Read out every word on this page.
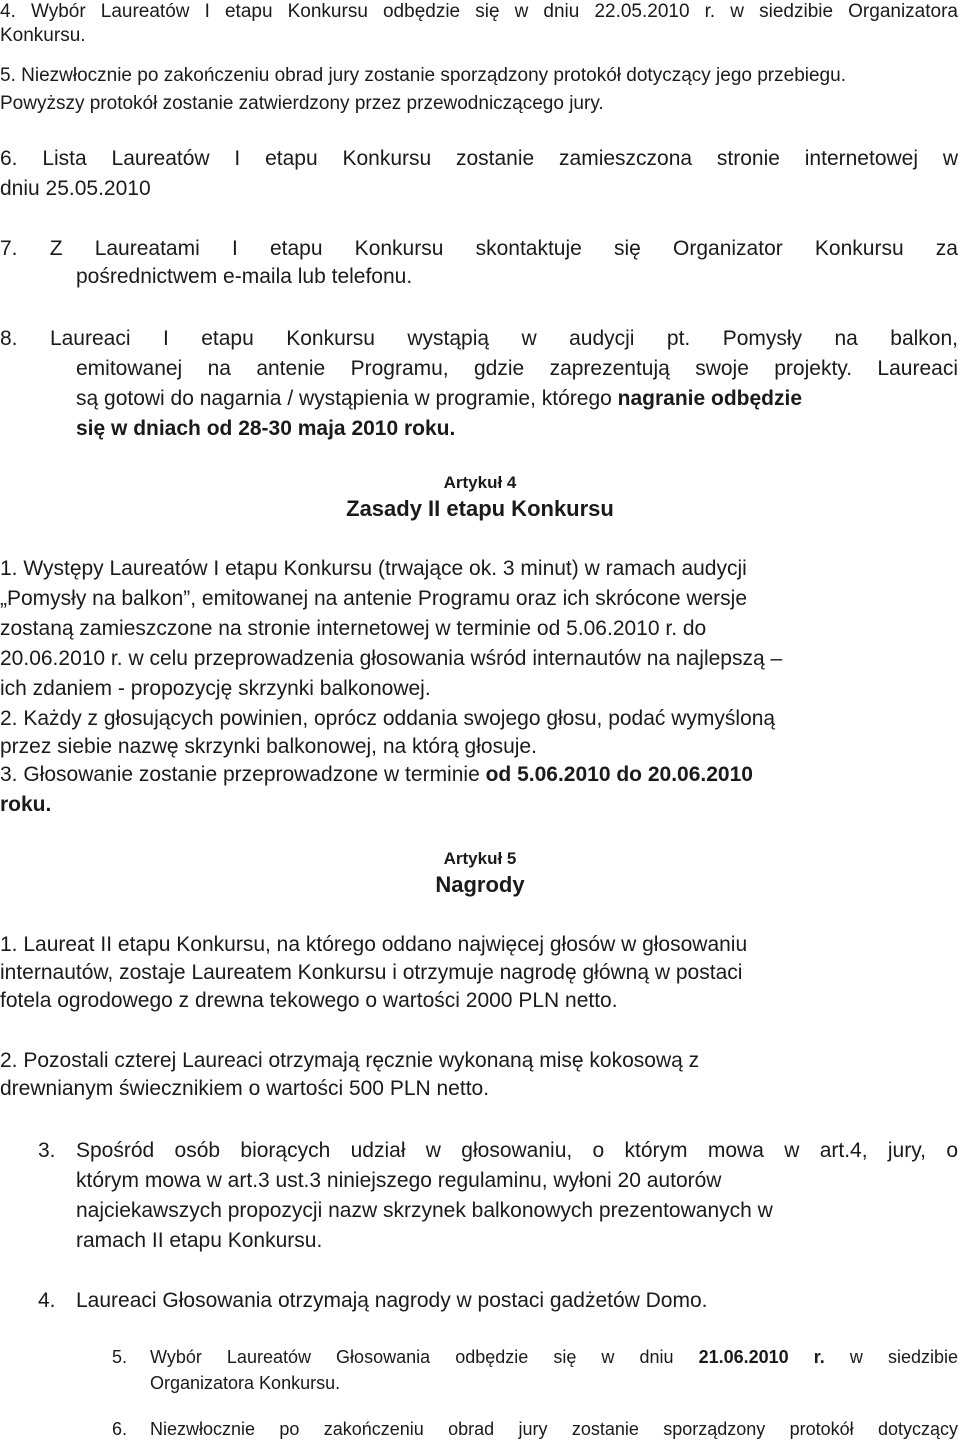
4. Wybór Laureatów I etapu Konkursu odbędzie się w dniu 22.05.2010 r. w siedzibie Organizatora
Konkursu.
5. Niezwłocznie po zakończeniu obrad jury zostanie sporządzony protokół dotyczący jego przebiegu.
Powyższy protokół zostanie zatwierdzony przez przewodniczącego jury.
6. Lista Laureatów I etapu Konkursu zostanie zamieszczona stronie internetowej w
dniu 25.05.2010
7. Z Laureatami I etapu Konkursu skontaktuje się Organizator Konkursu za
pośrednictwem e-maila lub telefonu.
8. Laureaci I etapu Konkursu wystąpią w audycji pt. Pomysły na balkon,
emitowanej na antenie Programu, gdzie zaprezentują swoje projekty. Laureaci
są gotowi do nagarnia / wystąpienia w programie, którego nagranie odbędzie
się w dniach od 28-30 maja 2010 roku.
Artykuł 4
Zasady II etapu Konkursu
1. Występy Laureatów I etapu Konkursu (trwające ok. 3 minut) w ramach audycji
„Pomysły na balkon”, emitowanej na antenie Programu oraz ich skrócone wersje
zostaną zamieszczone na stronie internetowej w terminie od 5.06.2010 r. do
20.06.2010 r. w celu przeprowadzenia głosowania wśród internautów na najlepszą –
ich zdaniem - propozycję skrzynki balkonowej.
2. Każdy z głosujących powinien, oprócz oddania swojego głosu, podać wymyśloną
przez siebie nazwę skrzynki balkonowej, na którą głosuje.
3. Głosowanie zostanie przeprowadzone w terminie od 5.06.2010 do 20.06.2010
roku.
Artykuł 5
Nagrody
1. Laureat II etapu Konkursu, na którego oddano najwięcej głosów w głosowaniu
internautów, zostaje Laureatem Konkursu i otrzymuje nagrodę główną w postaci
fotela ogrodowego z drewna tekowego o wartości 2000 PLN netto.
2. Pozostali czterej Laureaci otrzymają ręcznie wykonaną misę kokosową z
drewnianym świecznikiem o wartości 500 PLN netto.
3. Spośród osób biorących udział w głosowaniu, o którym mowa w art.4, jury, o
którym mowa w art.3 ust.3 niniejszego regulaminu, wyłoni 20 autorów
najciekawszych propozycji nazw skrzynek balkonowych prezentowanych w
ramach II etapu Konkursu.
4. Laureaci Głosowania otrzymają nagrody w postaci gadżetów Domo.
5.	Wybór Laureatów Głosowania odbędzie się w dniu 21.06.2010 r. w siedzibie
Organizatora Konkursu.
6.	Niezwłocznie po zakończeniu obrad jury zostanie sporządzony protokół dotyczący
